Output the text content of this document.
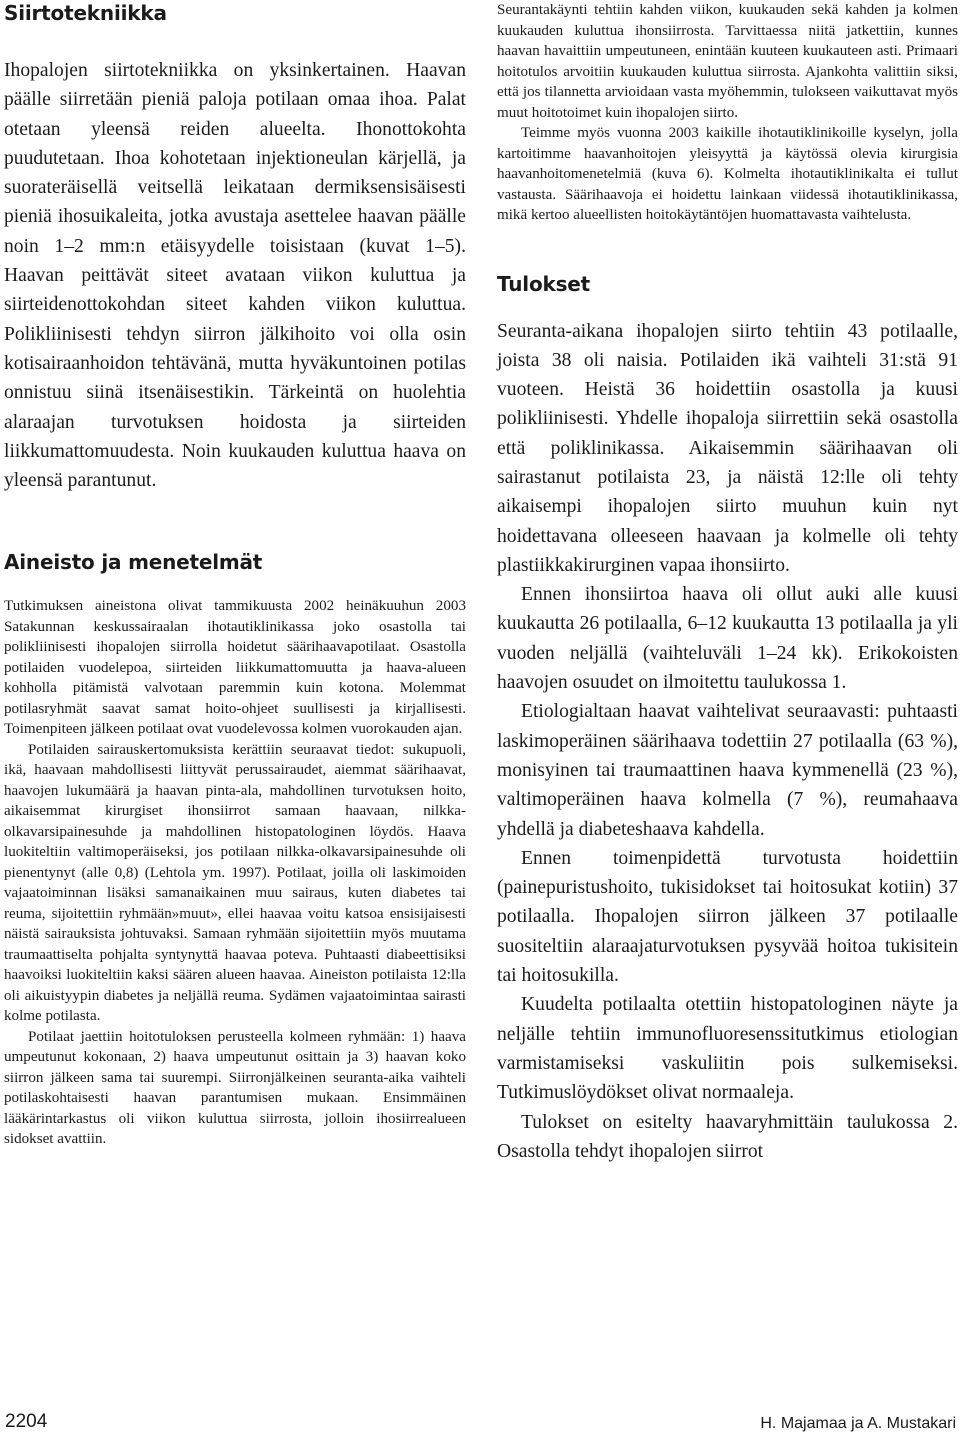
Siirtotekniikka

Ihopalojen siirtotekniikka on yksinkertainen. Haavan päälle siirretään pieniä paloja potilaan omaa ihoa. Palat otetaan yleensä reiden alueelta. Ihonottokohta puudutetaan. Ihoa kohotetaan injektioneulan kärjellä, ja suorateräisellä veitsellä leikataan dermiksensisäisesti pieniä ihosuikaleita, jotka avustaja asettelee haavan päälle noin 1–2 mm:n etäisyydelle toisistaan (kuvat 1–5). Haavan peittävät siteet avataan viikon kuluttua ja siirteidenottokohdan siteet kahden viikon kuluttua. Polikliinisesti tehdyn siirron jälkihoito voi olla osin kotisairaanhoidon tehtävänä, mutta hyväkuntoinen potilas onnistuu siinä itsenäisestikin. Tärkeintä on huolehtia alaraajan turvotuksen hoidosta ja siirteiden liikkumattomuudesta. Noin kuukauden kuluttua haava on yleensä parantunut.

Aineisto ja menetelmät

Tutkimuksen aineistona olivat tammikuusta 2002 heinäkuuhun 2003 Satakunnan keskussairaalan ihotautiklinikassa joko osastolla tai polikliinisesti ihopalojen siirrolla hoidetut säärihaavapotilaat. Osastolla potilaiden vuodelepoa, siirteiden liikkumattomuutta ja haava-alueen kohholla pitämistä valvotaan paremmin kuin kotona. Molemmat potilasryhmät saavat samat hoito-ohjeet suullisesti ja kirjallisesti. Toimenpiteen jälkeen potilaat ovat vuodelevossa kolmen vuorokauden ajan.

Potilaiden sairauskertomuksista kerättiin seuraavat tiedot: sukupuoli, ikä, haavaan mahdollisesti liittyvät perussairaudet, aiemmat säärihaavat, haavojen lukumäärä ja haavan pinta-ala, mahdollinen turvotuksen hoito, aikaisemmat kirurgiset ihonsiirrot samaan haavaan, nilkka-olkavarsipainesuhde ja mahdollinen histopatologinen löydös. Haava luokiteltiin valtimoperäiseksi, jos potilaan nilkka-olkavarsipainesuhde oli pienentynyt (alle 0,8) (Lehtola ym. 1997). Potilaat, joilla oli laskimoiden vajaatoiminnan lisäksi samanaikainen muu sairaus, kuten diabetes tai reuma, sijoitettiin ryhmään»muut», ellei haavaa voitu katsoa ensisijaisesti näistä sairauksista johtuvaksi. Samaan ryhmään sijoitettiin myös muutama traumaattiselta pohjalta syntynyttä haavaa poteva. Puhtaasti diabeettisiksi haavoiksi luokiteltiin kaksi säären alueen haavaa. Aineiston potilaista 12:lla oli aikuistyypin diabetes ja neljällä reuma. Sydämen vajaatoimintaa sairasti kolme potilasta.

Potilaat jaettiin hoitotuloksen perusteella kolmeen ryhmään: 1) haava umpeutunut kokonaan, 2) haava umpeutunut osittain ja 3) haavan koko siirron jälkeen sama tai suurempi. Siirronjälkeinen seuranta-aika vaihteli potilaskohtaisesti haavan parantumisen mukaan. Ensimmäinen lääkärintarkastus oli viikon kuluttua siirrosta, jolloin ihosiirrealueen sidokset avattiin.

Seurantakäynti tehtiin kahden viikon, kuukauden sekä kahden ja kolmen kuukauden kuluttua ihonsiirrosta. Tarvittaessa niitä jatkettiin, kunnes haavan havaittiin umpeutuneen, enintään kuuteen kuukauteen asti. Primaari hoitotulos arvoitiin kuukauden kuluttua siirrosta. Ajankohta valittiin siksi, että jos tilannetta arvioidaan vasta myöhemmin, tulokseen vaikuttavat myös muut hoitotoimet kuin ihopalojen siirto.

Teimme myös vuonna 2003 kaikille ihotautiklinikoille kyselyn, jolla kartoitimme haavanhoitojen yleisyyttä ja käytössä olevia kirurgisia haavanhoitomenetelmiä (kuva 6). Kolmelta ihotautiklinikalta ei tullut vastausta. Säärihaavoja ei hoidettu lainkaan viidessä ihotautiklinikassa, mikä kertoo alueellisten hoitokäytäntöjen huomattavasta vaihtelusta.

Tulokset

Seuranta-aikana ihopalojen siirto tehtiin 43 potilaalle, joista 38 oli naisia. Potilaiden ikä vaihteli 31:stä 91 vuoteen. Heistä 36 hoidettiin osastolla ja kuusi polikliinisesti. Yhdelle ihopaloja siirrettiin sekä osastolla että poliklinikassa. Aikaisemmin säärihaavan oli sairastanut potilaista 23, ja näistä 12:lle oli tehty aikaisempi ihopalojen siirto muuhun kuin nyt hoidettavana olleeseen haavaan ja kolmelle oli tehty plastiikkakirurginen vapaa ihonsiirto.

Ennen ihonsiirtoa haava oli ollut auki alle kuusi kuukautta 26 potilaalla, 6–12 kuukautta 13 potilaalla ja yli vuoden neljällä (vaihteluväli 1–24 kk). Erikokoisten haavojen osuudet on ilmoitettu taulukossa 1.

Etiologialtaan haavat vaihtelivat seuraavasti: puhtaasti laskimoperäinen säärihaava todettiin 27 potilaalla (63 %), monisyinen tai traumaattinen haava kymmenellä (23 %), valtimoperäinen haava kolmella (7 %), reumahaava yhdellä ja diabeteshaava kahdella.

Ennen toimenpidettä turvotusta hoidettiin (painepuristushoito, tukisidokset tai hoitosukat kotiin) 37 potilaalla. Ihopalojen siirron jälkeen 37 potilaalle suositeltiin alaraajaturvotuksen pysyvää hoitoa tukisitein tai hoitosukilla.

Kuudelta potilaalta otettiin histopatologinen näyte ja neljälle tehtiin immunofluoresenssitutkimus etiologian varmistamiseksi vaskuliitin pois sulkemiseksi. Tutkimuslöydökset olivat normaaleja.

Tulokset on esitelty haavaryhmittäin taulukossa 2. Osastolla tehdyt ihopalojen siirrot

2204	H. Majamaa ja A. Mustakari
